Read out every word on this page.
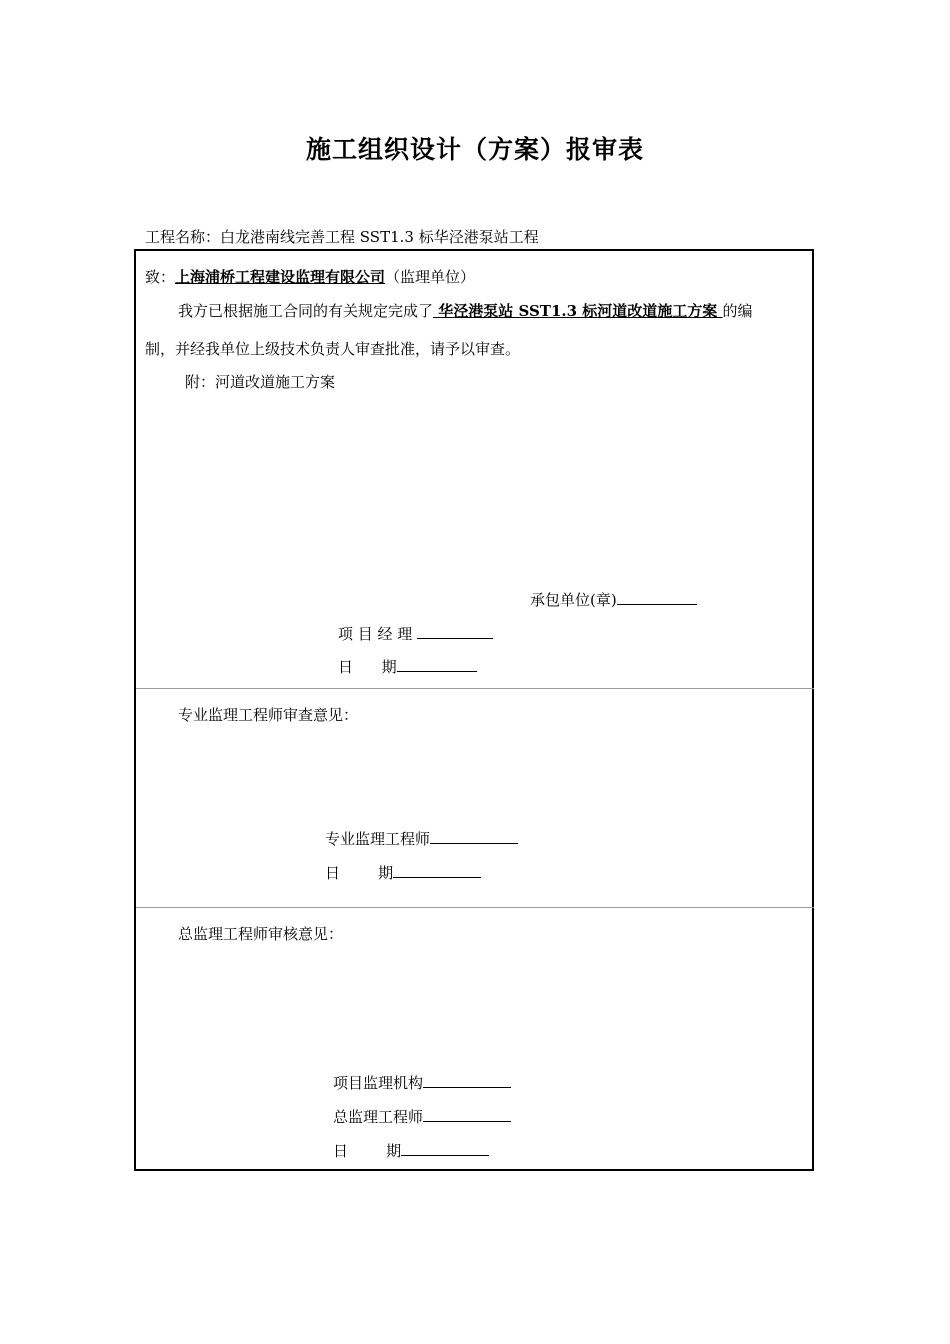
施工组织设计（方案）报审表
工程名称：白龙港南线完善工程 SST1.3 标华泾港泵站工程
致：上海浦桥工程建设监理有限公司（监理单位）
我方已根据施工合同的有关规定完成了 华泾港泵站 SST1.3 标河道改道施工方案 的编
制，并经我单位上级技术负责人审查批准，请予以审查。
附：河道改道施工方案
承包单位(章)
项 目 经 理
日      期
专业监理工程师审查意见：
专业监理工程师
日        期
总监理工程师审核意见：
项目监理机构
总监理工程师
日        期
